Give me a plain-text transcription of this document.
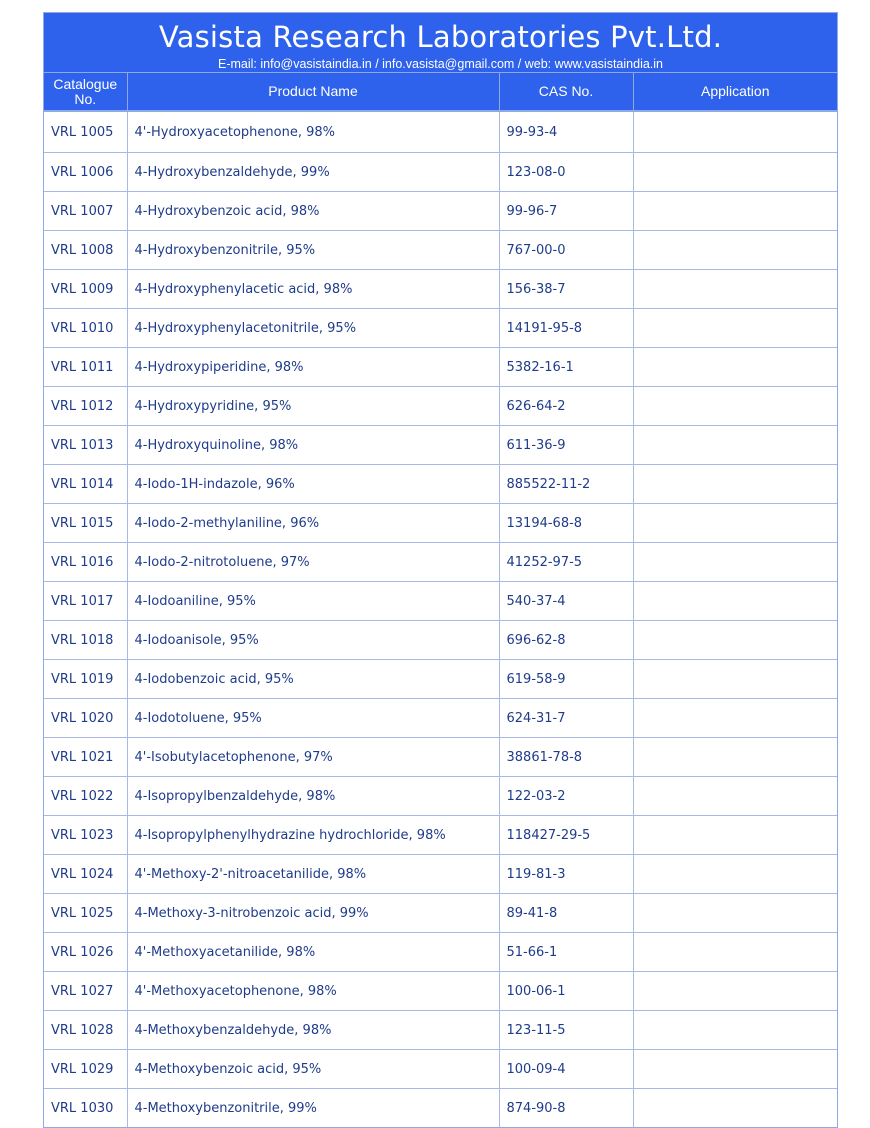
Vasista Research Laboratories Pvt.Ltd.
E-mail: info@vasistaindia.in / info.vasista@gmail.com / web: www.vasistaindia.in
Catalogue No.	Product Name	CAS No.	Application
VRL 1005	4'-Hydroxyacetophenone, 98%	99-93-4	
VRL 1006	4-Hydroxybenzaldehyde, 99%	123-08-0	
VRL 1007	4-Hydroxybenzoic acid, 98%	99-96-7	
VRL 1008	4-Hydroxybenzonitrile, 95%	767-00-0	
VRL 1009	4-Hydroxyphenylacetic acid, 98%	156-38-7	
VRL 1010	4-Hydroxyphenylacetonitrile, 95%	14191-95-8	
VRL 1011	4-Hydroxypiperidine, 98%	5382-16-1	
VRL 1012	4-Hydroxypyridine, 95%	626-64-2	
VRL 1013	4-Hydroxyquinoline, 98%	611-36-9	
VRL 1014	4-Iodo-1H-indazole, 96%	885522-11-2	
VRL 1015	4-Iodo-2-methylaniline, 96%	13194-68-8	
VRL 1016	4-Iodo-2-nitrotoluene, 97%	41252-97-5	
VRL 1017	4-Iodoaniline, 95%	540-37-4	
VRL 1018	4-Iodoanisole, 95%	696-62-8	
VRL 1019	4-Iodobenzoic acid, 95%	619-58-9	
VRL 1020	4-Iodotoluene, 95%	624-31-7	
VRL 1021	4'-Isobutylacetophenone, 97%	38861-78-8	
VRL 1022	4-Isopropylbenzaldehyde, 98%	122-03-2	
VRL 1023	4-Isopropylphenylhydrazine hydrochloride, 98%	118427-29-5	
VRL 1024	4'-Methoxy-2'-nitroacetanilide, 98%	119-81-3	
VRL 1025	4-Methoxy-3-nitrobenzoic acid, 99%	89-41-8	
VRL 1026	4'-Methoxyacetanilide, 98%	51-66-1	
VRL 1027	4'-Methoxyacetophenone, 98%	100-06-1	
VRL 1028	4-Methoxybenzaldehyde, 98%	123-11-5	
VRL 1029	4-Methoxybenzoic acid, 95%	100-09-4	
VRL 1030	4-Methoxybenzonitrile, 99%	874-90-8	
